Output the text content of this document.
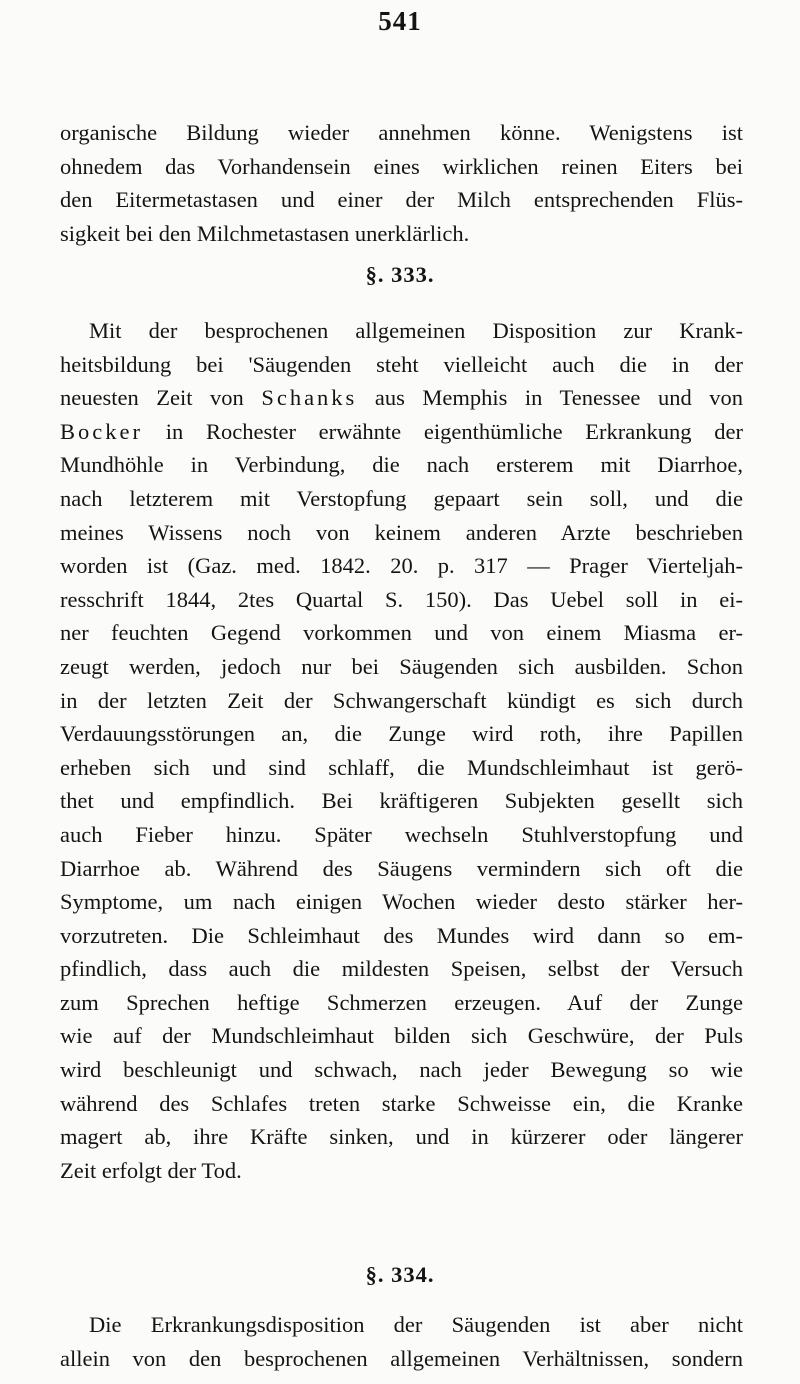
541
organische Bildung wieder annehmen könne. Wenigstens ist
ohnedem das Vorhandensein eines wirklichen reinen Eiters bei
den Eitermetastasen und einer der Milch entsprechenden Flüs-
sigkeit bei den Milchmetastasen unerklärlich.
§. 333.
Mit der besprochenen allgemeinen Disposition zur Krank-
heitsbildung bei 'Säugenden steht vielleicht auch die in der
neuesten Zeit von Schanks aus Memphis in Tenessee und von
Bocker in Rochester erwähnte eigenthümliche Erkrankung der
Mundhöhle in Verbindung, die nach ersterem mit Diarrhoe,
nach letzterem mit Verstopfung gepaart sein soll, und die
meines Wissens noch von keinem anderen Arzte beschrieben
worden ist (Gaz. med. 1842. 20. p. 317 — Prager Vierteljah-
resschrift 1844, 2tes Quartal S. 150). Das Uebel soll in ei-
ner feuchten Gegend vorkommen und von einem Miasma er-
zeugt werden, jedoch nur bei Säugenden sich ausbilden. Schon
in der letzten Zeit der Schwangerschaft kündigt es sich durch
Verdauungsstörungen an, die Zunge wird roth, ihre Papillen
erheben sich und sind schlaff, die Mundschleimhaut ist gerö-
thet und empfindlich. Bei kräftigeren Subjekten gesellt sich
auch Fieber hinzu. Später wechseln Stuhlverstopfung und
Diarrhoe ab. Während des Säugens vermindern sich oft die
Symptome, um nach einigen Wochen wieder desto stärker her-
vorzutreten. Die Schleimhaut des Mundes wird dann so em-
pfindlich, dass auch die mildesten Speisen, selbst der Versuch
zum Sprechen heftige Schmerzen erzeugen. Auf der Zunge
wie auf der Mundschleimhaut bilden sich Geschwüre, der Puls
wird beschleunigt und schwach, nach jeder Bewegung so wie
während des Schlafes treten starke Schweisse ein, die Kranke
magert ab, ihre Kräfte sinken, und in kürzerer oder längerer
Zeit erfolgt der Tod.
§. 334.
Die Erkrankungsdisposition der Säugenden ist aber nicht
allein von den besprochenen allgemeinen Verhältnissen, sondern
